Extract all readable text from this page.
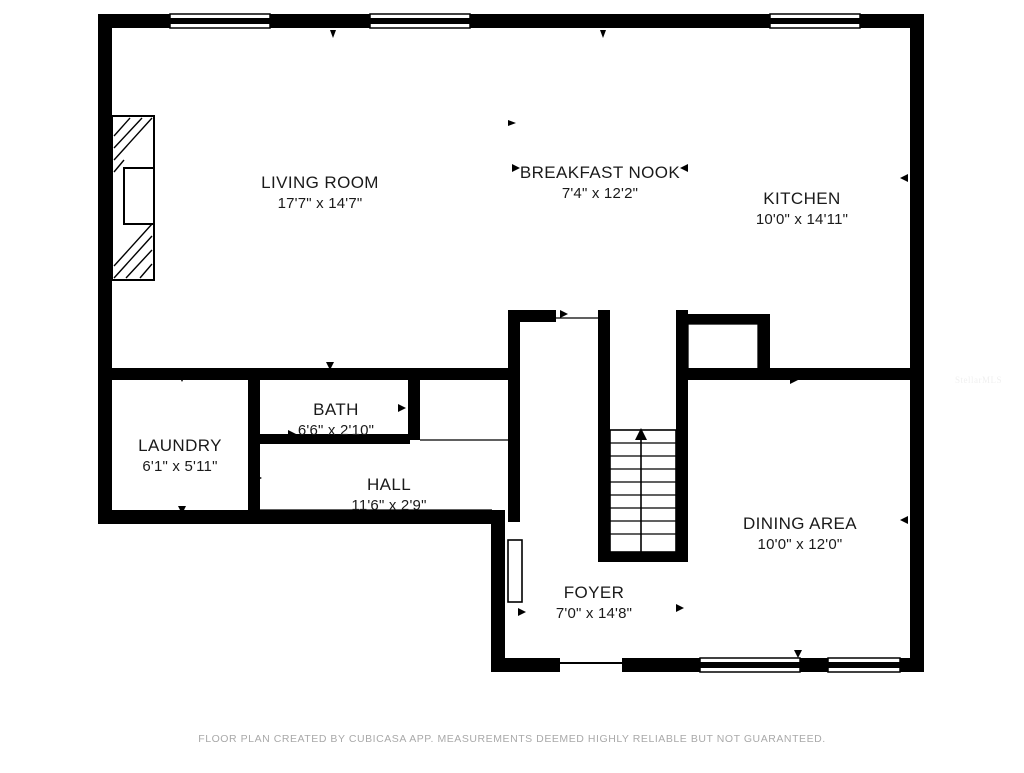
LIVING ROOM
17'7" x 14'7"
BREAKFAST NOOK
7'4" x 12'2"	KITCHEN
10'0" x 14'11"
BATH
6'6" x 2'10"
LAUNDRY
6'1" x 5'11"
HALL
11'6" x 2'9"
DINING AREA
10'0" x 12'0"
FOYER
7'0" x 14'8"
StellarMLS
FLOOR PLAN CREATED BY CUBICASA APP. MEASUREMENTS DEEMED HIGHLY RELIABLE BUT NOT GUARANTEED.
